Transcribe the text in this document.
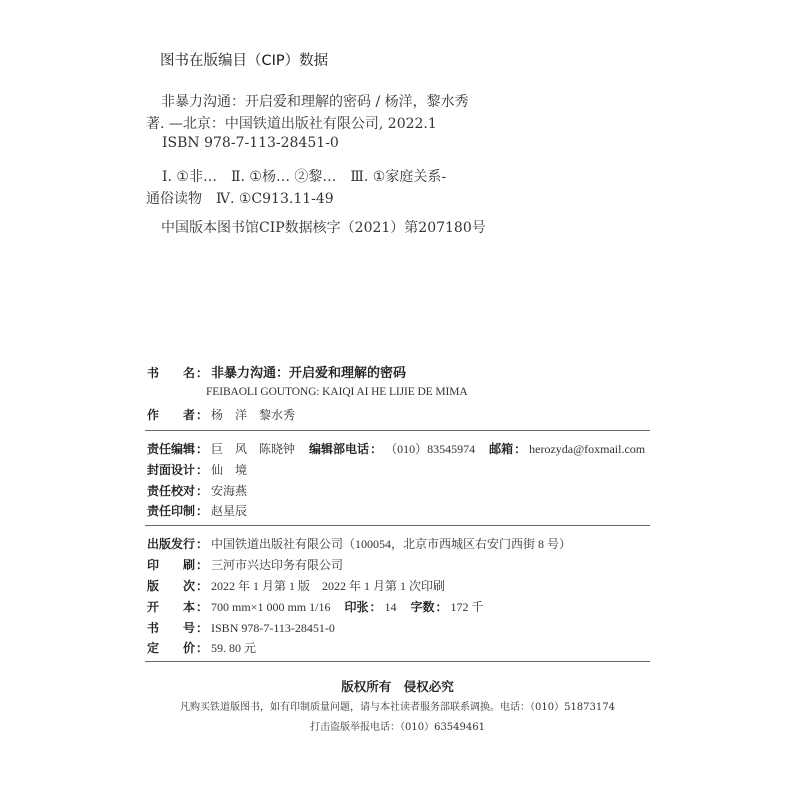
图书在版编目（CIP）数据
非暴力沟通：开启爱和理解的密码 / 杨洋，黎水秀
著. —北京：中国铁道出版社有限公司, 2022.1
ISBN 978-7-113-28451-0
Ⅰ. ①非…　Ⅱ. ①杨… ②黎…　Ⅲ. ①家庭关系-
通俗读物　Ⅳ. ①C913.11-49
中国版本图书馆CIP数据核字（2021）第207180号
书 名 ： 非暴力沟通：开启爱和理解的密码
FEIBAOLI GOUTONG: KAIQI AI HE LIJIE DE MIMA
作 者 ： 杨　洋　黎水秀
责任编辑 ： 巨　风　陈晓钟 编辑部电话 ： （010）83545974 邮箱 ： herozyda@foxmail.com
封面设计 ： 仙　境
责任校对 ： 安海燕
责任印制 ： 赵星辰
出版发行 ： 中国铁道出版社有限公司（100054，北京市西城区右安门西街 8 号）
印 刷 ： 三河市兴达印务有限公司
版 次 ： 2022 年 1 月第 1 版　2022 年 1 月第 1 次印刷
开 本 ： 700 mm×1 000 mm 1/16 印张 ： 14 字数 ： 172 千
书 号 ： ISBN 978-7-113-28451-0
定 价 ： 59. 80 元
版权所有　侵权必究
凡购买铁道版图书，如有印制质量问题，请与本社读者服务部联系调换。电话：（010）51873174
打击盗版举报电话：（010）63549461
